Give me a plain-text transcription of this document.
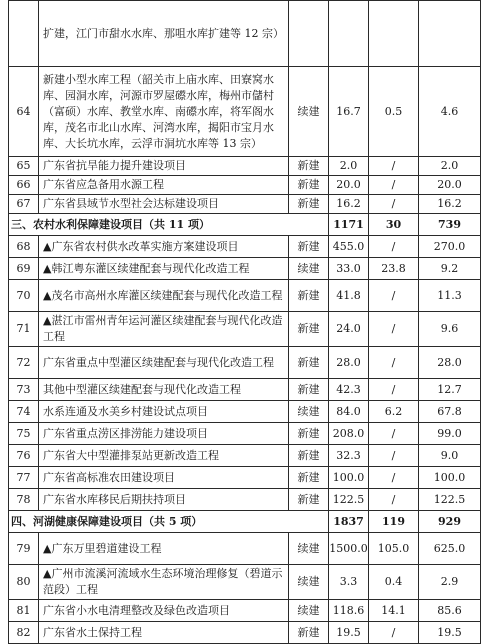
	扩建，江门市甜水水库、那咀水库扩建等 12 宗）				
64	新建小型水库工程（韶关市上庙水库、田寮窝水库、园洞水库，河源市罗屋礤水库，梅州市儲村（富硕）水库、教堂水库、南礤水库，将军阁水库，茂名市北山水库、河湾水库，揭阳市宝月水库、大长坑水库，云浮市洞坑水库等 13 宗）	续建	16.7	0.5	4.6
65	广东省抗旱能力提升建设项目	新建	2.0	/	2.0
66	广东省应急备用水源工程	新建	20.0	/	20.0
67	广东省县域节水型社会达标建设项目	新建	16.2	/	16.2
三、农村水利保障建设项目（共 11 项）			1171	30	739
68	▲广东省农村供水改革实施方案建设项目	新建	455.0	/	270.0
69	▲韩江粤东灌区续建配套与现代化改造工程	续建	33.0	23.8	9.2
70	▲茂名市高州水库灌区续建配套与现代化改造工程	新建	41.8	/	11.3
71	▲湛江市雷州青年运河灌区续建配套与现代化改造工程	新建	24.0	/	9.6
72	广东省重点中型灌区续建配套与现代化改造工程	新建	28.0	/	28.0
73	其他中型灌区续建配套与现代化改造工程	新建	42.3	/	12.7
74	水系连通及水美乡村建设试点项目	续建	84.0	6.2	67.8
75	广东省重点涝区排涝能力建设项目	新建	208.0	/	99.0
76	广东省大中型灌排泵站更新改造工程	新建	32.3	/	9.0
77	广东省高标准农田建设项目	新建	100.0	/	100.0
78	广东省水库移民后期扶持项目	新建	122.5	/	122.5
四、河湖健康保障建设项目（共 5 项）			1837	119	929
79	▲广东万里碧道建设工程	续建	1500.0	105.0	625.0
80	▲广州市流溪河流域水生态环境治理修复（碧道示范段）工程	续建	3.3	0.4	2.9
81	广东省小水电清理整改及绿色改造项目	续建	118.6	14.1	85.6
82	广东省水土保持工程	新建	19.5	/	19.5
